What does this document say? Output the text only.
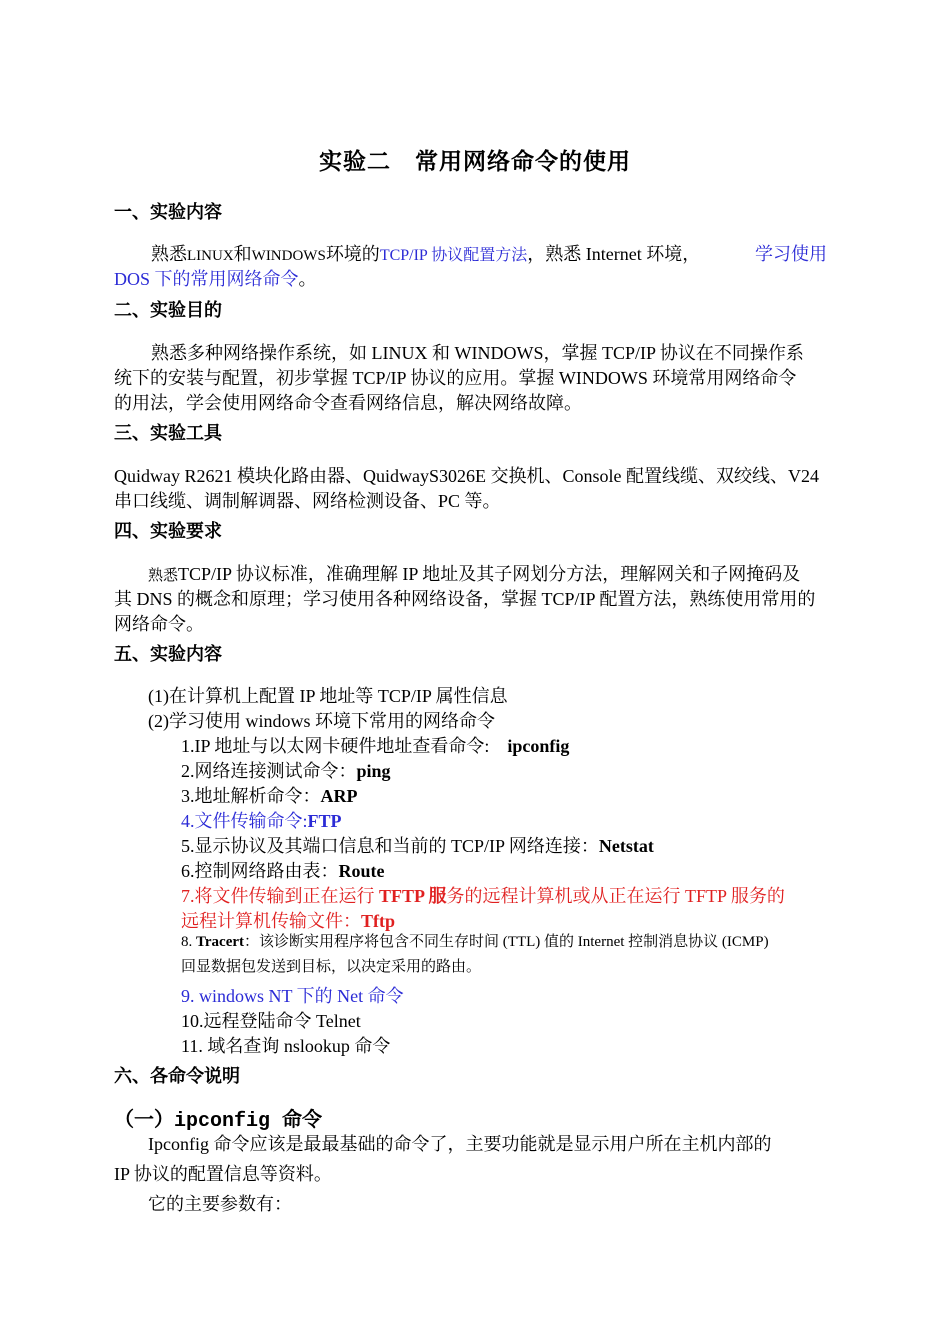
实验二　常用网络命令的使用
一、实验内容
熟悉LINUX和WINDOWS环境的TCP/IP 协议配置方法，熟悉 Internet 环境，	学习使用
DOS 下的常用网络命令。
二、实验目的
熟悉多种网络操作系统，如 LINUX 和 WINDOWS，掌握 TCP/IP 协议在不同操作系
统下的安装与配置，初步掌握 TCP/IP 协议的应用。掌握 WINDOWS 环境常用网络命令
的用法，学会使用网络命令查看网络信息，解决网络故障。
三、实验工具
Quidway R2621 模块化路由器、QuidwayS3026E 交换机、Console 配置线缆、双绞线、V24
串口线缆、调制解调器、网络检测设备、PC 等。
四、实验要求
熟悉TCP/IP 协议标准，准确理解 IP 地址及其子网划分方法，理解网关和子网掩码及
其 DNS 的概念和原理；学习使用各种网络设备，掌握 TCP/IP 配置方法，熟练使用常用的
网络命令。
五、实验内容
(1)在计算机上配置 IP 地址等 TCP/IP 属性信息
(2)学习使用 windows 环境下常用的网络命令
1.IP 地址与以太网卡硬件地址查看命令:　ipconfig
2.网络连接测试命令：ping
3.地址解析命令：ARP
4.文件传输命令:FTP
5.显示协议及其端口信息和当前的 TCP/IP 网络连接：Netstat
6.控制网络路由表：Route
7.将文件传输到正在运行 TFTP 服务的远程计算机或从正在运行 TFTP 服务的
远程计算机传输文件：Tftp
8. Tracert：该诊断实用程序将包含不同生存时间 (TTL) 值的 Internet 控制消息协议 (ICMP)
回显数据包发送到目标，以决定采用的路由。
9. windows NT 下的 Net 命令
10.远程登陆命令 Telnet
11. 域名查询 nslookup 命令
六、各命令说明
（一）ipconfig 命令
Ipconfig 命令应该是最最基础的命令了，主要功能就是显示用户所在主机内部的
IP 协议的配置信息等资料。
它的主要参数有：
